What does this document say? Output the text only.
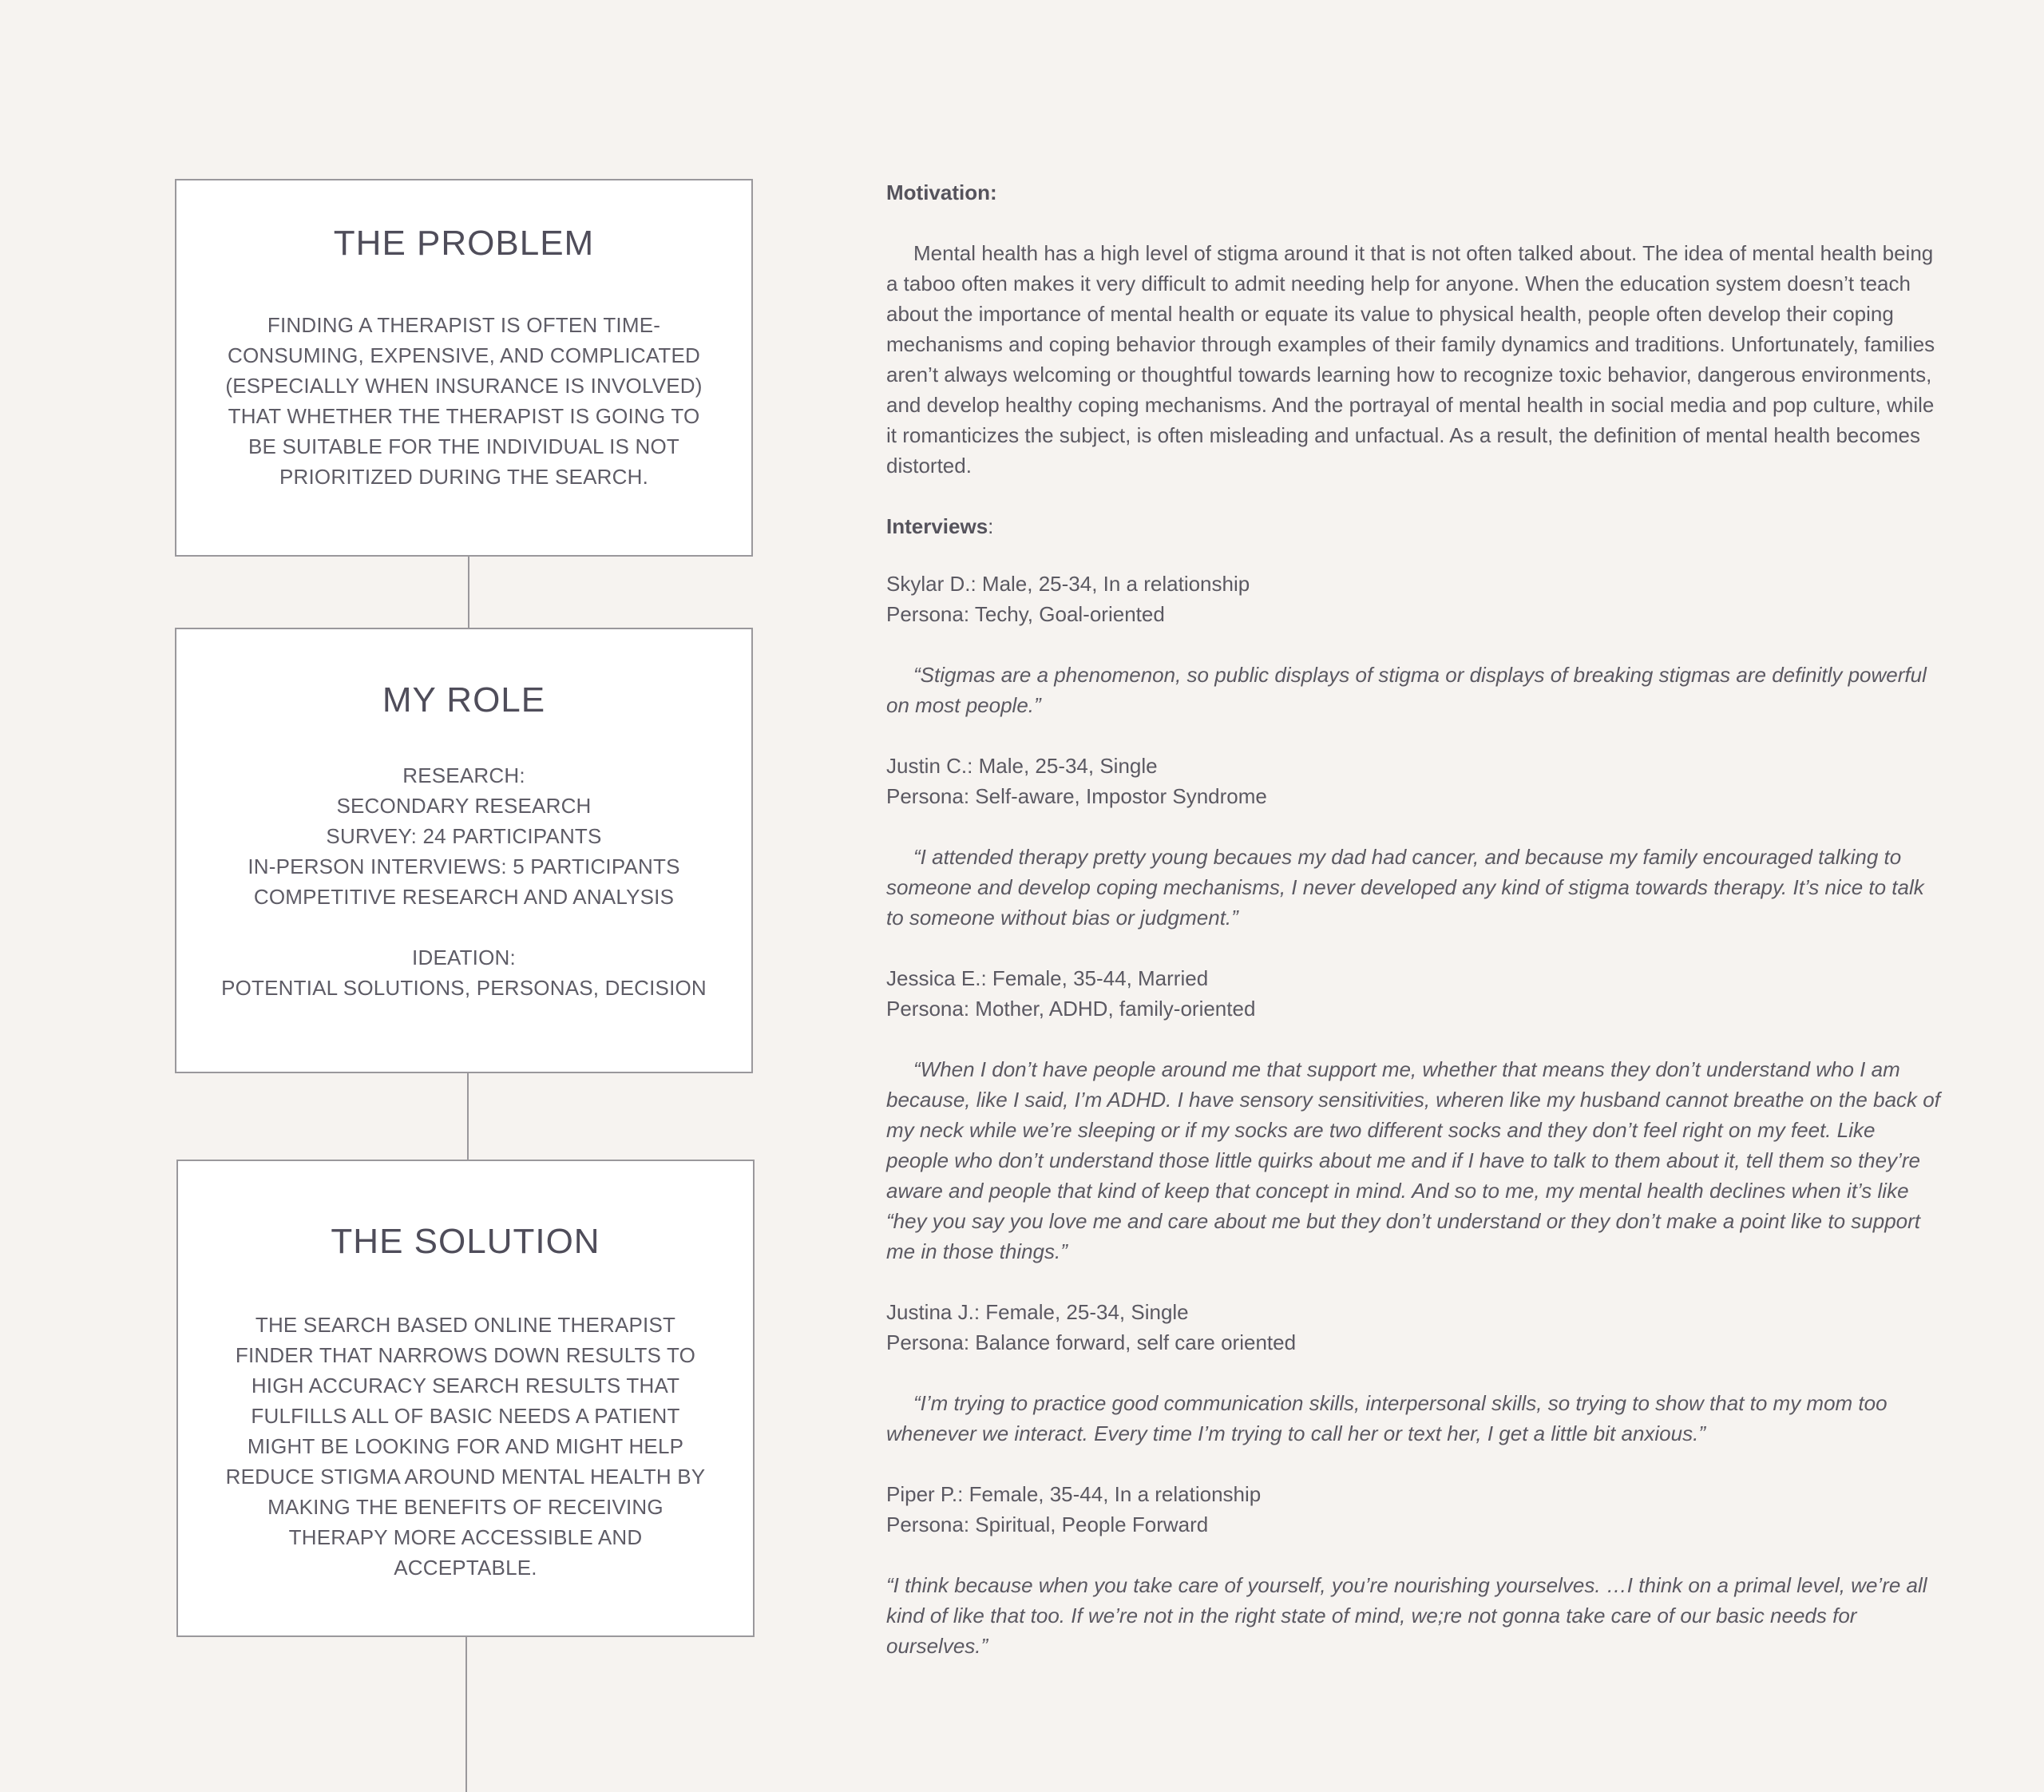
THE PROBLEM
FINDING A THERAPIST IS OFTEN TIME-
CONSUMING, EXPENSIVE, AND COMPLICATED
(ESPECIALLY WHEN INSURANCE IS INVOLVED)
THAT WHETHER THE THERAPIST IS GOING TO
BE SUITABLE FOR THE INDIVIDUAL IS NOT
PRIORITIZED DURING THE SEARCH.
MY ROLE
RESEARCH:
SECONDARY RESEARCH
SURVEY: 24 PARTICIPANTS
IN-PERSON INTERVIEWS: 5 PARTICIPANTS
COMPETITIVE RESEARCH AND ANALYSIS
IDEATION:
POTENTIAL SOLUTIONS, PERSONAS, DECISION
THE SOLUTION
THE SEARCH BASED ONLINE THERAPIST
FINDER THAT NARROWS DOWN RESULTS TO
HIGH ACCURACY SEARCH RESULTS THAT
FULFILLS ALL OF BASIC NEEDS A PATIENT
MIGHT BE LOOKING FOR AND MIGHT HELP
REDUCE STIGMA AROUND MENTAL HEALTH BY
MAKING THE BENEFITS OF RECEIVING
THERAPY MORE ACCESSIBLE AND
ACCEPTABLE.

Motivation:

Mental health has a high level of stigma around it that is not often talked about. The idea of mental health being a taboo often makes it very difficult to admit needing help for anyone. When the education system doesn’t teach about the importance of mental health or equate its value to physical health, people often develop their coping mechanisms and coping behavior through examples of their family dynamics and traditions. Unfortunately, families aren’t always welcoming or thoughtful towards learning how to recognize toxic behavior, dangerous environments, and develop healthy coping mechanisms. And the portrayal of mental health in social media and pop culture, while it romanticizes the subject, is often misleading and unfactual. As a result, the definition of mental health becomes distorted.

Interviews:

Skylar D.: Male, 25-34, In a relationship

Persona: Techy, Goal-oriented

“Stigmas are a phenomenon, so public displays of stigma or displays of breaking stigmas are definitly powerful on most people.”

Justin C.: Male, 25-34, Single

Persona: Self-aware, Impostor Syndrome

“I attended therapy pretty young becaues my dad had cancer, and because my family encouraged talking to someone and develop coping mechanisms, I never developed any kind of stigma towards therapy. It’s nice to talk to someone without bias or judgment.”

Jessica E.: Female, 35-44, Married

Persona: Mother, ADHD, family-oriented

“When I don’t have people around me that support me, whether that means they don’t understand who I am because, like I said, I’m ADHD. I have sensory sensitivities, wheren like my husband cannot breathe on the back of my neck while we’re sleeping or if my socks are two different socks and they don’t feel right on my feet. Like people who don’t understand those little quirks about me and if I have to talk to them about it, tell them so they’re aware and people that kind of keep that concept in mind. And so to me, my mental health declines when it’s like “hey you say you love me and care about me but they don’t understand or they don’t make a point like to support me in those things.”

Justina J.: Female, 25-34, Single

Persona: Balance forward, self care oriented

“I’m trying to practice good communication skills, interpersonal skills, so trying to show that to my mom too whenever we interact. Every time I’m trying to call her or text her, I get a little bit anxious.”

Piper P.: Female, 35-44, In a relationship

Persona: Spiritual, People Forward

“I think because when you take care of yourself, you’re nourishing yourselves. …I think on a primal level, we’re all kind of like that too. If we’re not in the right state of mind, we;re not gonna take care of our basic needs for ourselves.”
